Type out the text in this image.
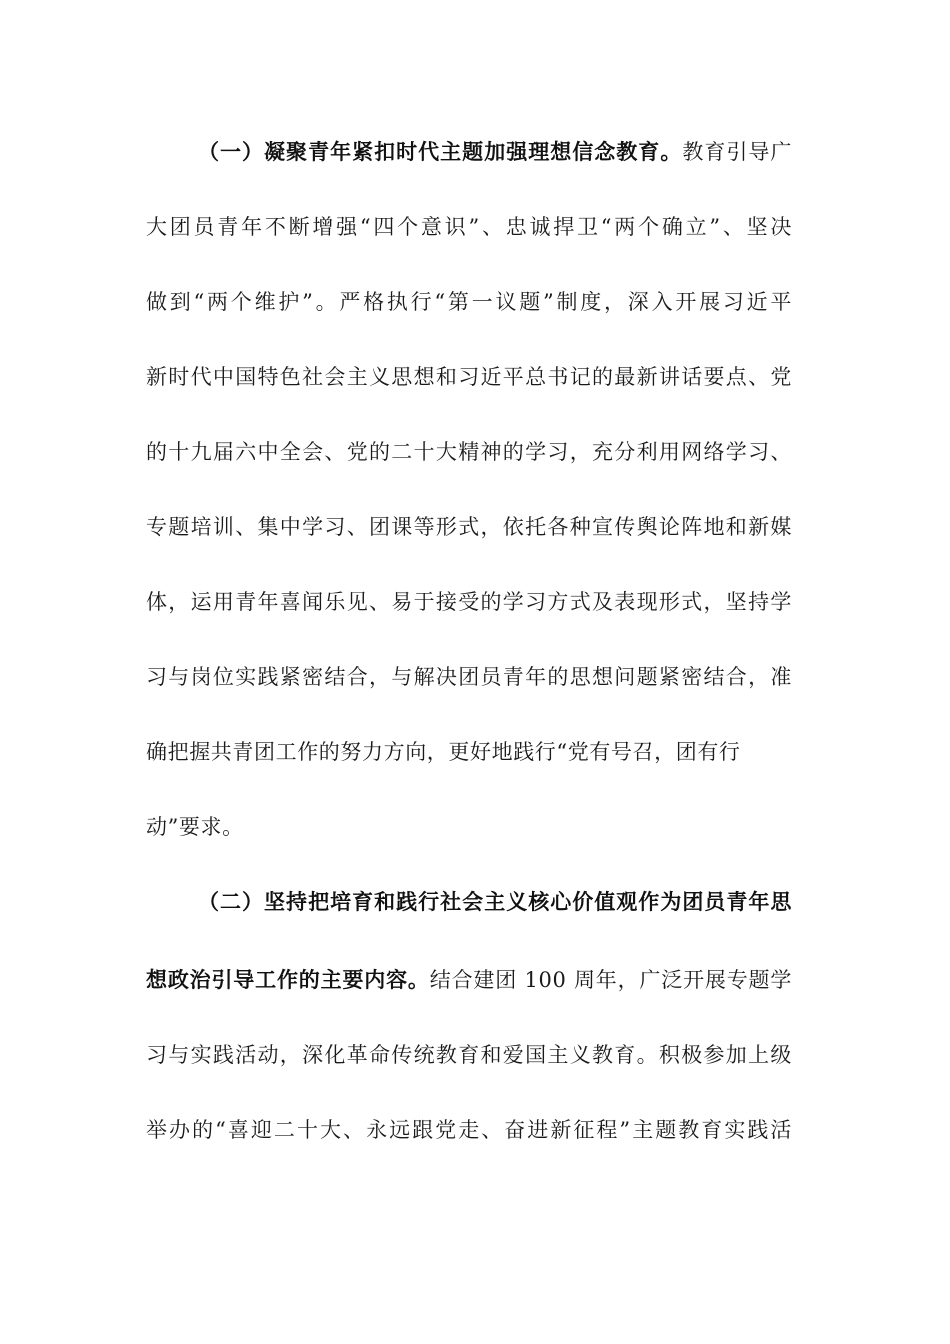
（一）凝聚青年紧扣时代主题加强理想信念教育。教育引导广
大团员青年不断增强“四个意识”、忠诚捍卫“两个确立”、坚决
做到“两个维护”。严格执行“第一议题”制度，深入开展习近平
新时代中国特色社会主义思想和习近平总书记的最新讲话要点、党
的十九届六中全会、党的二十大精神的学习，充分利用网络学习、
专题培训、集中学习、团课等形式，依托各种宣传舆论阵地和新媒
体，运用青年喜闻乐见、易于接受的学习方式及表现形式，坚持学
习与岗位实践紧密结合，与解决团员青年的思想问题紧密结合，准
确把握共青团工作的努力方向，更好地践行“党有号召，团有行
动”要求。
（二）坚持把培育和践行社会主义核心价值观作为团员青年思
想政治引导工作的主要内容。结合建团 100 周年，广泛开展专题学
习与实践活动，深化革命传统教育和爱国主义教育。积极参加上级
举办的“喜迎二十大、永远跟党走、奋进新征程”主题教育实践活
